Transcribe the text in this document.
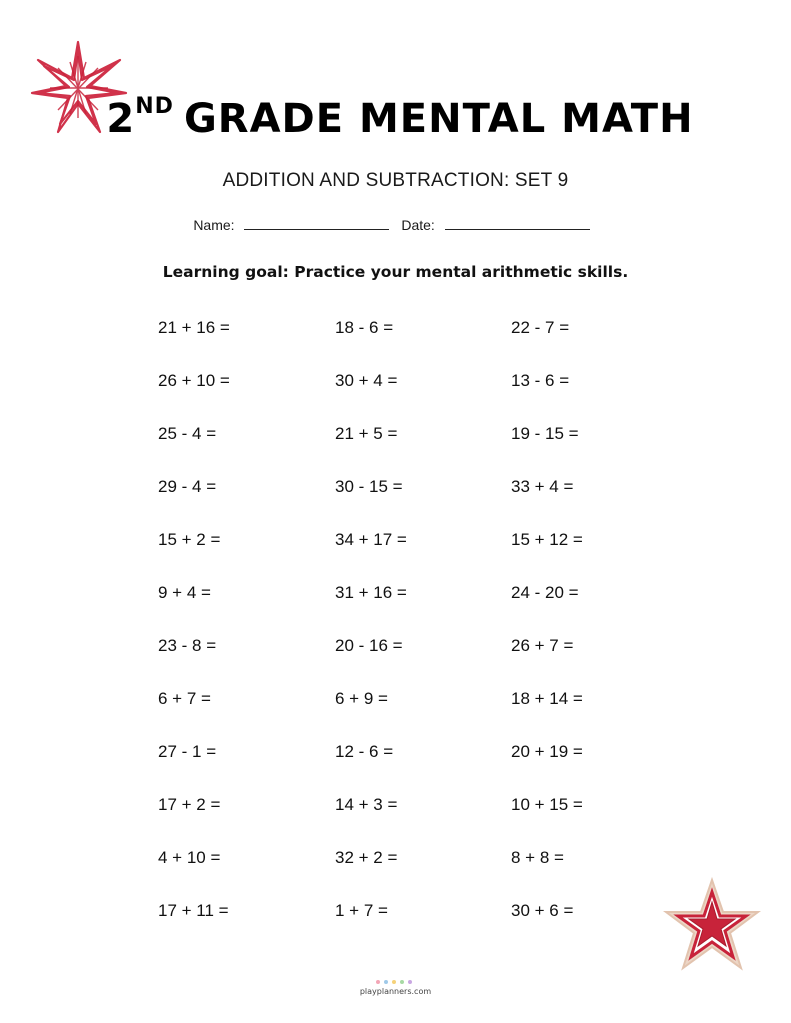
2ND GRADE MENTAL MATH
ADDITION AND SUBTRACTION: SET 9
Name:	Date:
Learning goal: Practice your mental arithmetic skills.
21 + 16 =	18 - 6 =	22 - 7 =
26 + 10 =	30 + 4 =	13 - 6 =
25 - 4 =	21 + 5 =	19 - 15 =
29 - 4 =	30 - 15 =	33 + 4 =
15 + 2 =	34 + 17 =	15 + 12 =
9 + 4 =	31 + 16 =	24 - 20 =
23 - 8 =	20 - 16 =	26 + 7 =
6 + 7 =	6 + 9 =	18 + 14 =
27 - 1 =	12 - 6 =	20 + 19 =
17 + 2 =	14 + 3 =	10 + 15 =
4 + 10 =	32 + 2 =	8 + 8 =
17 + 11 =	1 + 7 =	30 + 6 =
playplanners.com
